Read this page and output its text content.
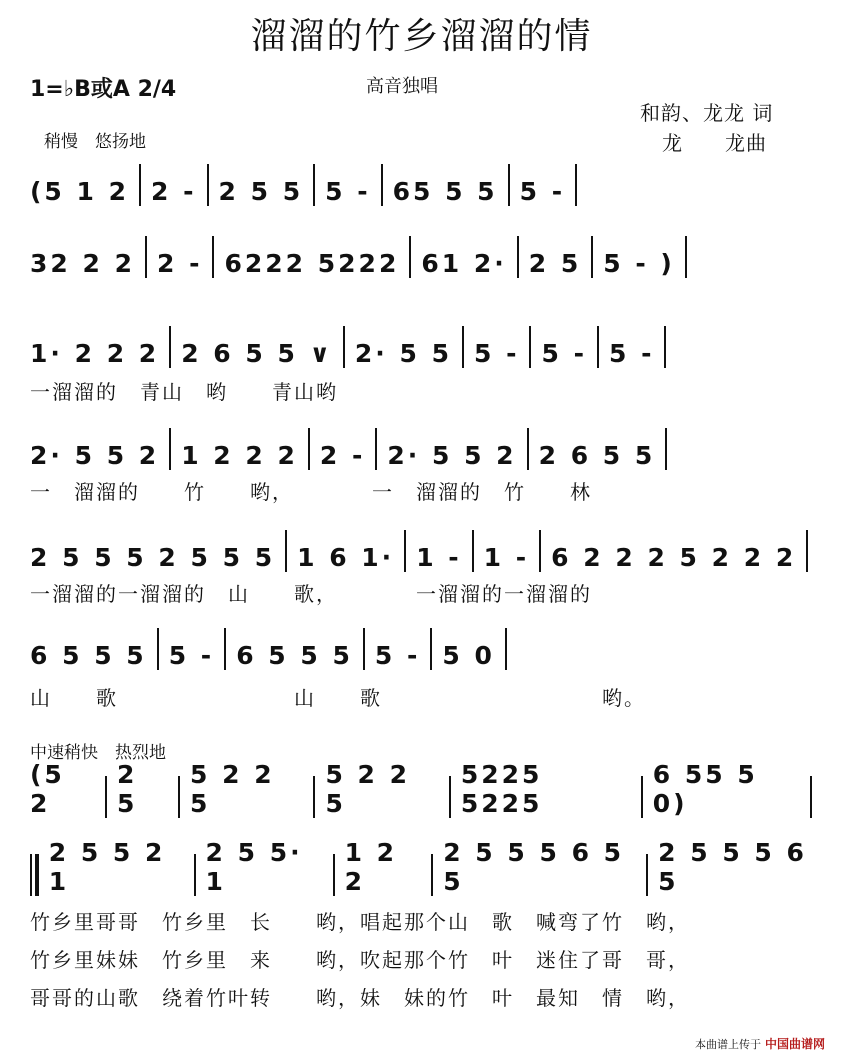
溜溜的竹乡溜溜的情
1=♭B或A 2/4	高音独唱
和韵、龙龙 词
龙　　龙曲
稍慢　悠扬地
(5 1 2 2 - 2 5 5 5 - 65 5 5 5 -
32 2 2 2 - 6222 5222 61 2· 2 5 5 - )
1· 2 2 2 2 6 5 5 ∨ 2· 5 5 5 - 5 - 5 -
一溜溜的　青山　哟　　青山哟
2· 5 5 2 1 2 2 2 2 - 2· 5 5 2 2 6 5 5
一　溜溜的　　竹　　哟，　　　　一　溜溜的　竹　　林
2 5 5 5 2 5 5 5 1 6 1· 1 - 1 - 6 2 2 2 5 2 2 2
一溜溜的一溜溜的　山　　歌，　　　　一溜溜的一溜溜的
6 5 5 5 5 - 6 5 5 5 5 - 5 0
山　　歌　　　　　　　　山　　歌　　　　　　　　　　哟。
中速稍快　热烈地
(5 2
2 5
5 2 2 5
5 2 2 5
5225 5225
6 55 5 0)
2 5 5 2 1
2 5 5· 1
1 2 2
2 5 5 5 6 5 5
2 5 5 5 6 5
竹乡里哥哥　竹乡里　长　　哟，唱起那个山　歌　喊弯了竹　哟，
竹乡里妹妹　竹乡里　来　　哟，吹起那个竹　叶　迷住了哥　哥，
哥哥的山歌　绕着竹叶转　　哟，妹　妹的竹　叶　最知　情　哟，
本曲谱上传于 中国曲谱网
